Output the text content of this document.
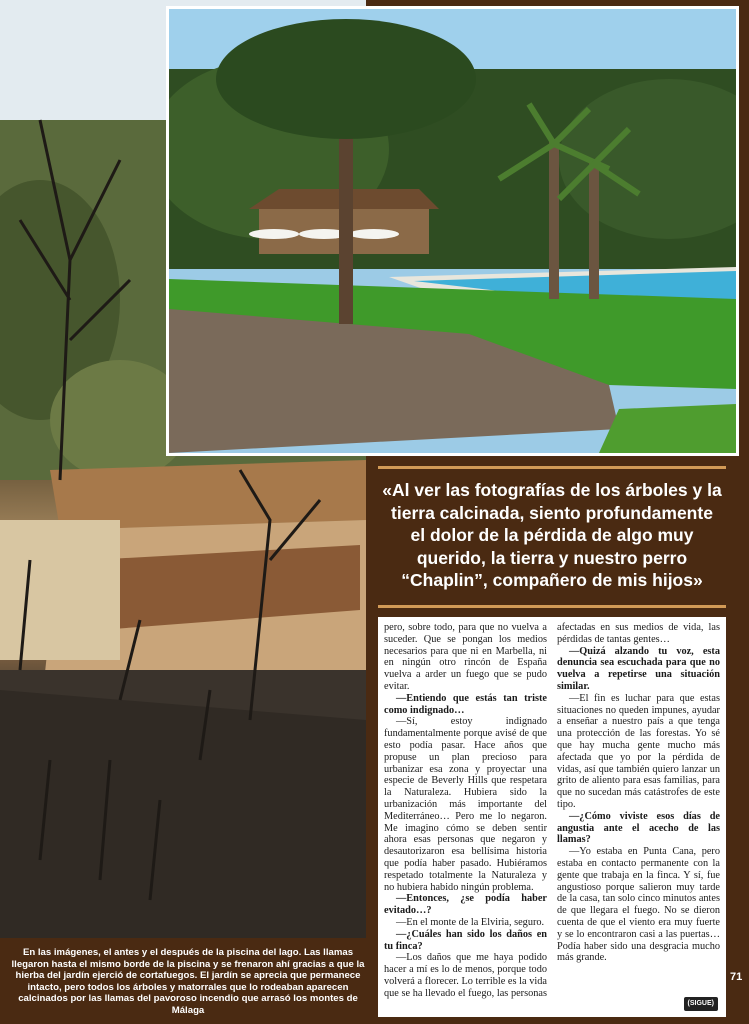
«Al ver las fotografías de los árboles y la tierra calcinada, siento profundamente el dolor de la pérdida de algo muy querido, la tierra y nuestro perro “Chaplin”, compañero de mis hijos»

pero, sobre todo, para que no vuelva a suceder. Que se pongan los medios necesarios para que ni en Marbella, ni en ningún otro rincón de España vuelva a arder un fuego que se pudo evitar.

—Entiendo que estás tan triste como indignado…

—Sí, estoy indignado fundamentalmente porque avisé de que esto podía pasar. Hace años que propuse un plan precioso para urbanizar esa zona y proyectar una especie de Beverly Hills que respetara la Naturaleza. Hubiera sido la urbanización más importante del Mediterráneo… Pero me lo negaron. Me imagino cómo se deben sentir ahora esas personas que negaron y desautorizaron esa bellísima historia que podía haber pasado. Hubiéramos respetado totalmente la Naturaleza y no hubiera habido ningún problema.

—Entonces, ¿se podía haber evitado…?

—En el monte de la Elviria, seguro.

—¿Cuáles han sido los daños en tu finca?

—Los daños que me haya podido hacer a mí es lo de menos, porque todo volverá a florecer. Lo terrible es la vida que se ha llevado el fuego, las personas afectadas en sus medios de vida, las pérdidas de tantas gentes…

—Quizá alzando tu voz, esta denuncia sea escuchada para que no vuelva a repetirse una situación similar.

—El fin es luchar para que estas situaciones no queden impunes, ayudar a enseñar a nuestro país a que tenga una protección de las forestas. Yo sé que hay mucha gente mucho más afectada que yo por la pérdida de vidas, así que también quiero lanzar un grito de aliento para esas familias, para que no sucedan más catástrofes de este tipo.

—¿Cómo viviste esos días de angustia ante el acecho de las llamas?

—Yo estaba en Punta Cana, pero estaba en contacto permanente con la gente que trabaja en la finca. Y sí, fue angustioso porque salieron muy tarde de la casa, tan solo cinco minutos antes de que llegara el fuego. No se dieron cuenta de que el viento era muy fuerte y se lo encontraron casi a las puertas… Podía haber sido una desgracia mucho más grande.

(SIGUE)
En las imágenes, el antes y el después de la piscina del lago. Las llamas llegaron hasta el mismo borde de la piscina y se frenaron ahí gracias a que la hierba del jardín ejerció de cortafuegos. El jardín se aprecia que permanece intacto, pero todos los árboles y matorrales que lo rodeaban aparecen calcinados por las llamas del pavoroso incendio que arrasó los montes de Málaga
71
